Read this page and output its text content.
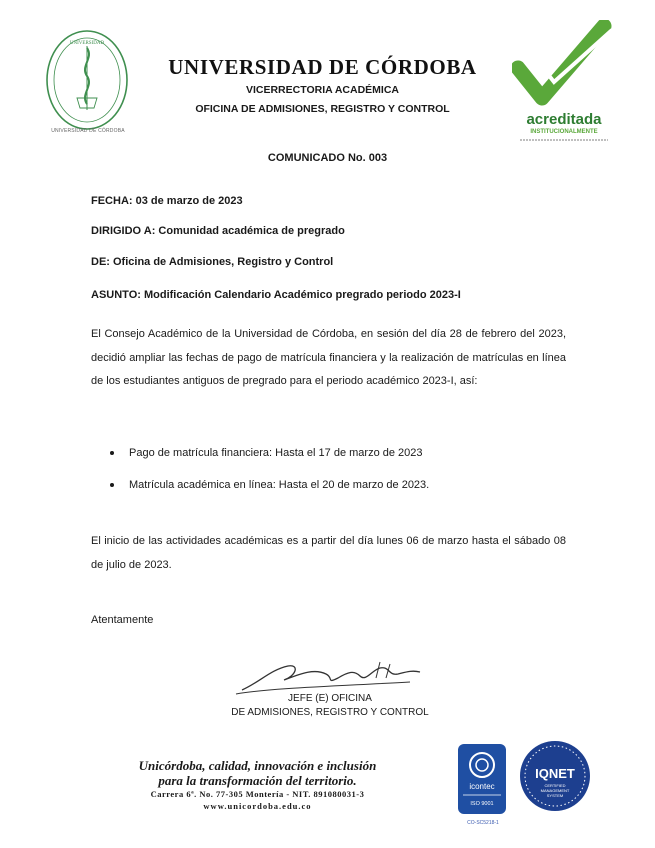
UNIVERSIDAD
UNIVERSIDAD DE CÓRDOBA
UNIVERSIDAD DE CÓRDOBA
VICERRECTORIA ACADÉMICA
OFICINA DE ADMISIONES, REGISTRO Y CONTROL
acreditada
INSTITUCIONALMENTE
COMUNICADO No. 003
FECHA: 03 de marzo de 2023
DIRIGIDO A: Comunidad académica de pregrado
DE: Oficina de Admisiones, Registro y Control
ASUNTO: Modificación Calendario Académico pregrado periodo 2023-I
El Consejo Académico de la Universidad de Córdoba, en sesión del día 28 de febrero del 2023, decidió ampliar las fechas de pago de matrícula financiera y la realización de matrículas en línea de los estudiantes antiguos de pregrado para el periodo académico 2023-I, así:
Pago de matrícula financiera: Hasta el 17 de marzo de 2023
Matrícula académica en línea: Hasta el 20 de marzo de 2023.
El inicio de las actividades académicas es a partir del día lunes 06 de marzo hasta el sábado 08 de julio de 2023.
Atentamente
JEFE (E) OFICINA
DE ADMISIONES, REGISTRO Y CONTROL
Unicórdoba, calidad, innovación e inclusión
para la transformación del territorio.
Carrera 6ª. No. 77-305 Montería - NIT. 891080031-3
www.unicordoba.edu.co
icontec
ISO 9001
IQNET
CERTIFIED
MANAGEMENT
SYSTEM
CO-SC5218-1
